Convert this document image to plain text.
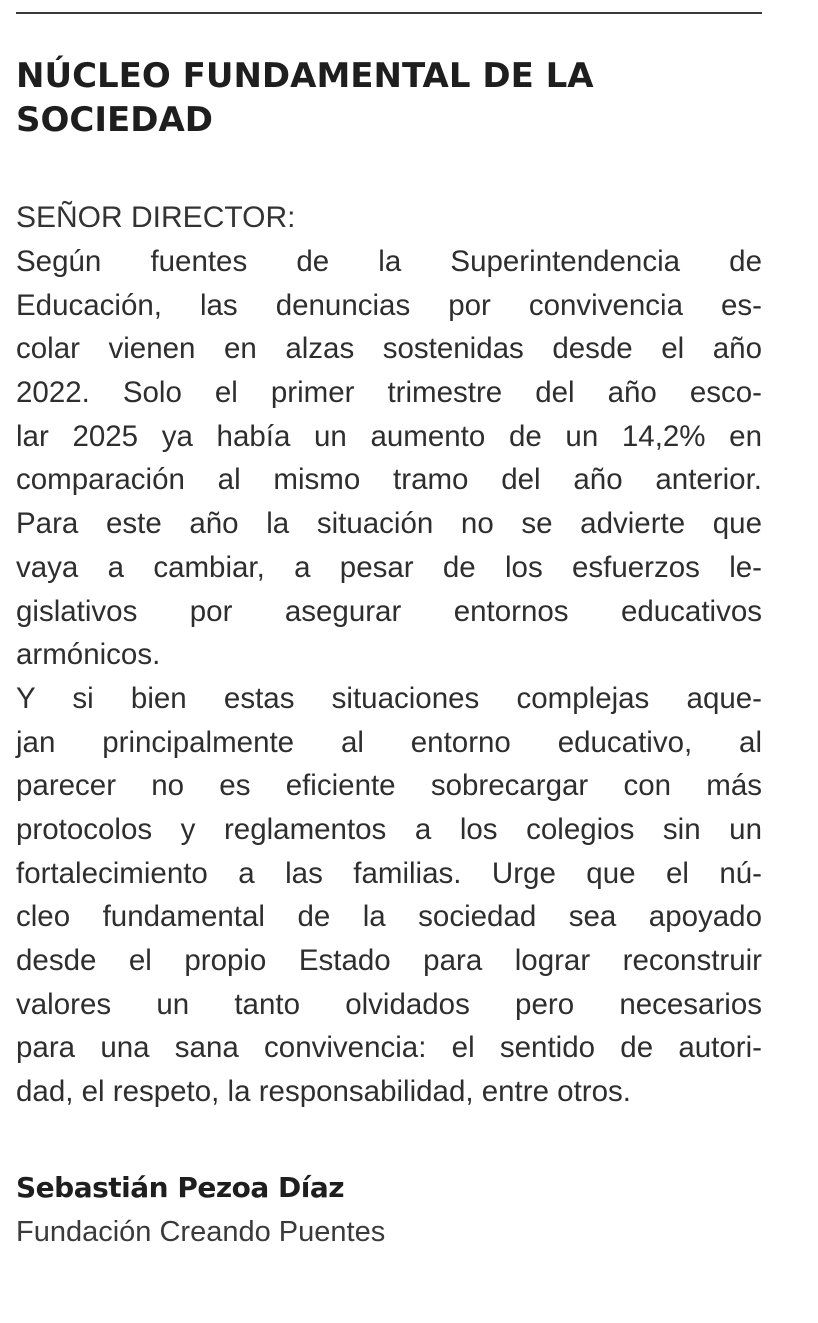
NÚCLEO FUNDAMENTAL DE LA
SOCIEDAD

SEÑOR DIRECTOR:

Según fuentes de la Superintendencia de
Educación, las denuncias por convivencia es-
colar vienen en alzas sostenidas desde el año
2022. Solo el primer trimestre del año esco-
lar 2025 ya había un aumento de un 14,2% en
comparación al mismo tramo del año anterior.
Para este año la situación no se advierte que
vaya a cambiar, a pesar de los esfuerzos le-
gislativos por asegurar entornos educativos
armónicos.
Y si bien estas situaciones complejas aque-
jan principalmente al entorno educativo, al
parecer no es eficiente sobrecargar con más
protocolos y reglamentos a los colegios sin un
fortalecimiento a las familias. Urge que el nú-
cleo fundamental de la sociedad sea apoyado
desde el propio Estado para lograr reconstruir
valores un tanto olvidados pero necesarios
para una sana convivencia: el sentido de autori-
dad, el respeto, la responsabilidad, entre otros.
Sebastián Pezoa Díaz
Fundación Creando Puentes
